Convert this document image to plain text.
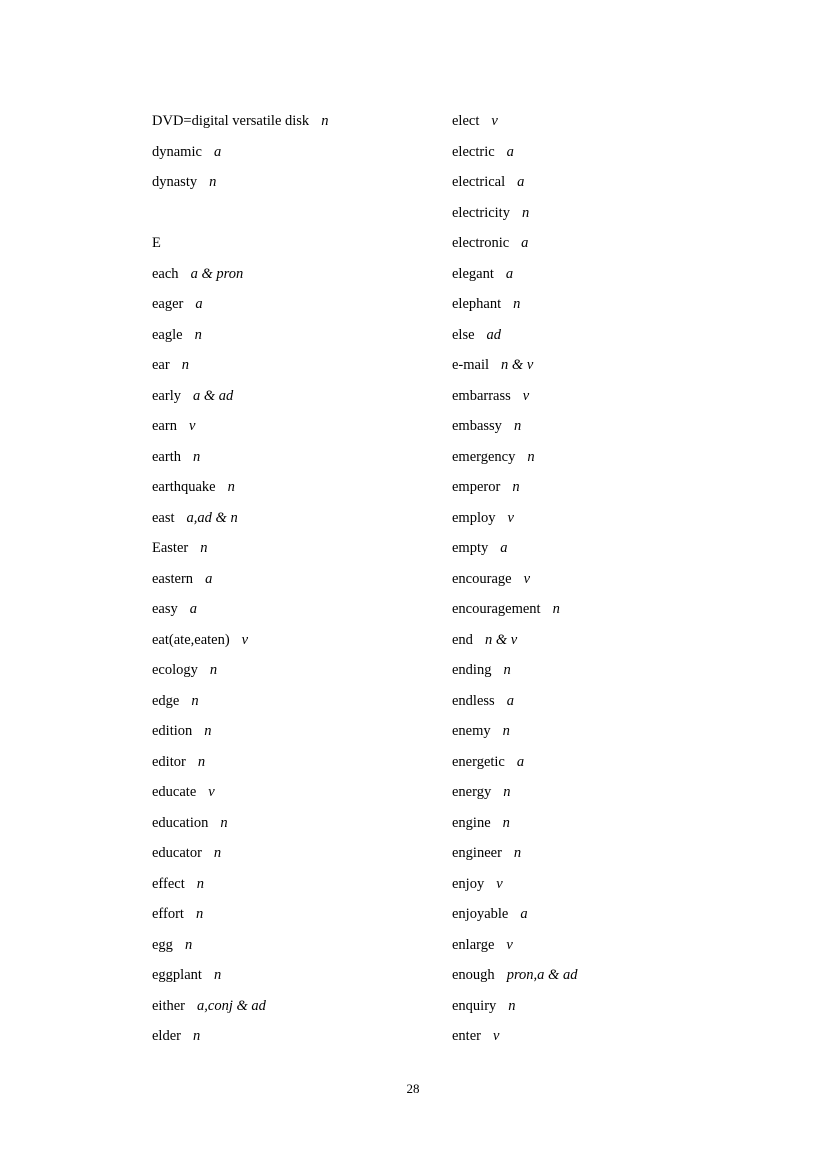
DVD=digital versatile disk n
dynamic a
dynasty n
E
each a & pron
eager a
eagle n
ear n
early a & ad
earn v
earth n
earthquake n
east a,ad & n
Easter n
eastern a
easy a
eat(ate,eaten) v
ecology n
edge n
edition n
editor n
educate v
education n
educator n
effect n
effort n
egg n
eggplant n
either a,conj & ad
elder n
elect v
electric a
electrical a
electricity n
electronic a
elegant a
elephant n
else ad
e-mail n & v
embarrass v
embassy n
emergency n
emperor n
employ v
empty a
encourage v
encouragement n
end n & v
ending n
endless a
enemy n
energetic a
energy n
engine n
engineer n
enjoy v
enjoyable a
enlarge v
enough pron,a & ad
enquiry n
enter v
28
